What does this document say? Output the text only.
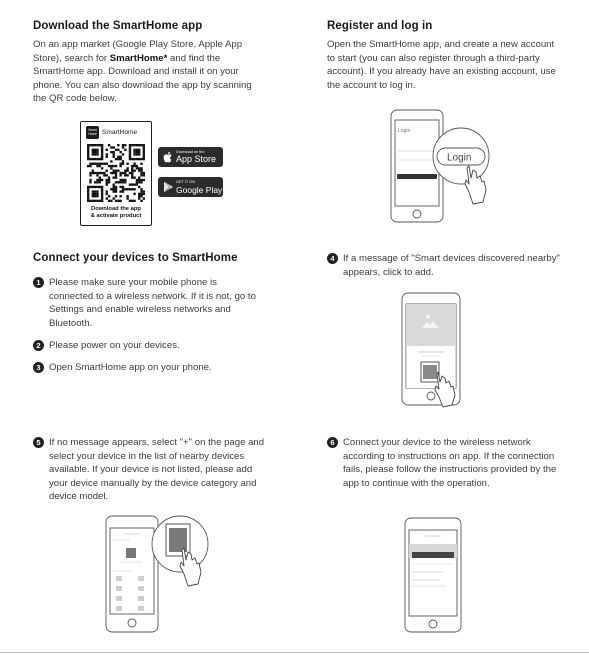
Download the SmartHome app
On an app market (Google Play Store, Apple App Store), search for SmartHome* and find the SmartHome app. Download and install it on your phone. You can also download the app by scanning the QR code below.
Smart
Home SmartHome
Download the app
& activate product
Download on the
App Store
GET IT ON
Google Play
Register and log in
Open the SmartHome app, and create a new account to start (you can also register through a third-party account). If you already have an existing account, use the account to log in.
Login
Login
Connect your devices to SmartHome
1 Please make sure your mobile phone is connected to a wireless network. If it is not, go to Settings and enable wireless networks and Bluetooth.
2 Please power on your devices.
3 Open SmartHome app on your phone.
4 If a message of "Smart devices discovered nearby" appears, click to add.
5 If no message appears, select "+" on the page and select your device in the list of nearby devices available. If your device is not listed, please add your device manually by the device category and device model.
6 Connect your device to the wireless network according to instructions on app. If the connection fails, please follow the instructions provided by the app to continue with the operation.
